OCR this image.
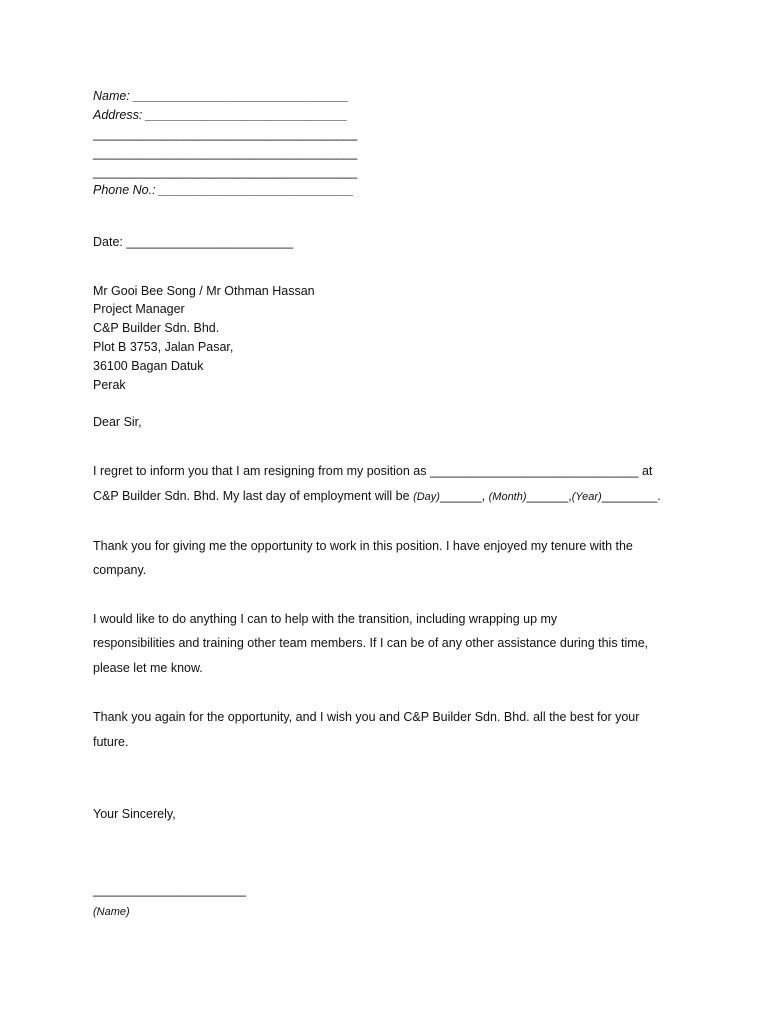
Name: _______________________________
Address: _____________________________
______________________________________
______________________________________
______________________________________
Phone No.: ____________________________
Date: ________________________
Mr Gooi Bee Song / Mr Othman Hassan
Project Manager
C&P Builder Sdn. Bhd.
Plot B 3753, Jalan Pasar,
36100 Bagan Datuk
Perak
Dear Sir,
I regret to inform you that I am resigning from my position as ______________________________ at
C&P Builder Sdn. Bhd. My last day of employment will be (Day)______, (Month)______,(Year)________.
Thank you for giving me the opportunity to work in this position. I have enjoyed my tenure with the
company.
I would like to do anything I can to help with the transition, including wrapping up my
responsibilities and training other team members. If I can be of any other assistance during this time,
please let me know.
Thank you again for the opportunity, and I wish you and C&P Builder Sdn. Bhd. all the best for your
future.
Your Sincerely,
______________________
(Name)
